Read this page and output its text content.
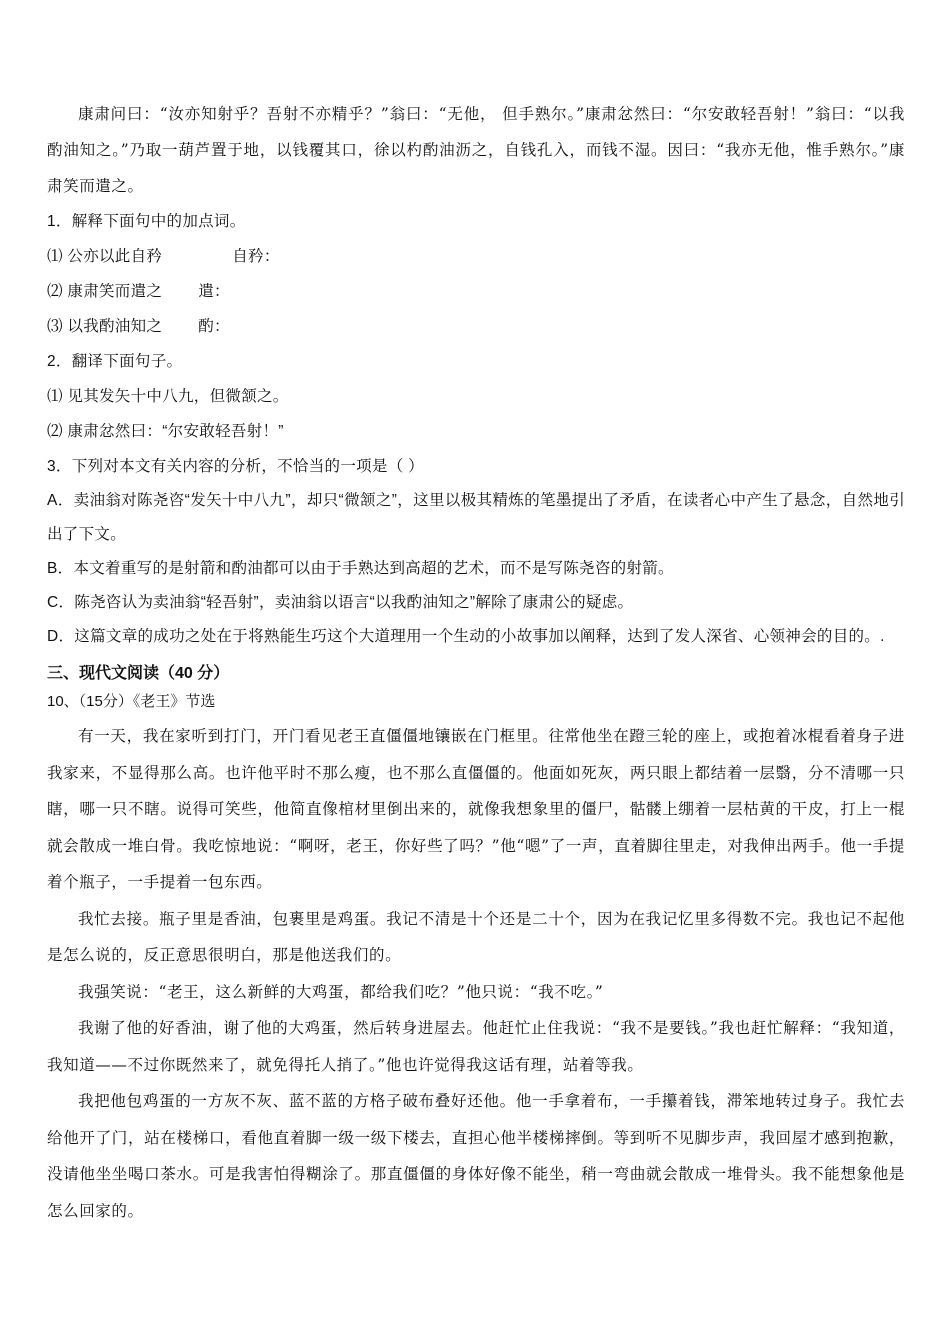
康肃问曰：“汝亦知射乎？吾射不亦精乎？”翁曰：“无他， 但手熟尔。”康肃忿然曰：“尔安敢轻吾射！”翁曰：“以我酌油知之。”乃取一葫芦置于地，以钱覆其口，徐以杓酌油沥之，自钱孔入，而钱不湿。因曰：“我亦无他，惟手熟尔。”康肃笑而遣之。

1．解释下面句中的加点词。

⑴ 公亦以此自矜	自矜：

⑵ 康肃笑而遣之 遣：

⑶ 以我酌油知之 酌：

2．翻译下面句子。

⑴ 见其发矢十中八九，但微颔之。

⑵ 康肃忿然曰：“尔安敢轻吾射！”

3．下列对本文有关内容的分析，不恰当的一项是（ ）

A．卖油翁对陈尧咨“发矢十中八九”，却只“微颔之”，这里以极其精炼的笔墨提出了矛盾，在读者心中产生了悬念，自然地引出了下文。

B．本文着重写的是射箭和酌油都可以由于手熟达到高超的艺术，而不是写陈尧咨的射箭。

C．陈尧咨认为卖油翁“轻吾射”，卖油翁以语言“以我酌油知之”解除了康肃公的疑虑。

D．这篇文章的成功之处在于将熟能生巧这个大道理用一个生动的小故事加以阐释，达到了发人深省、心领神会的目的。.

三、现代文阅读（40 分）

10、（15分）《老王》节选

有一天，我在家听到打门，开门看见老王直僵僵地镶嵌在门框里。往常他坐在蹬三轮的座上，或抱着冰棍看着身子进我家来，不显得那么高。也许他平时不那么瘦，也不那么直僵僵的。他面如死灰，两只眼上都结着一层翳，分不清哪一只瞎，哪一只不瞎。说得可笑些，他简直像棺材里倒出来的，就像我想象里的僵尸，骷髅上绷着一层枯黄的干皮，打上一棍就会散成一堆白骨。我吃惊地说：“啊呀，老王，你好些了吗？”他“嗯”了一声，直着脚往里走，对我伸出两手。他一手提着个瓶子，一手提着一包东西。

我忙去接。瓶子里是香油，包裹里是鸡蛋。我记不清是十个还是二十个，因为在我记忆里多得数不完。我也记不起他是怎么说的，反正意思很明白，那是他送我们的。

我强笑说：“老王，这么新鲜的大鸡蛋，都给我们吃？”他只说：“我不吃。”

我谢了他的好香油，谢了他的大鸡蛋，然后转身进屋去。他赶忙止住我说：“我不是要钱。”我也赶忙解释：“我知道，我知道——不过你既然来了，就免得托人捎了。”他也许觉得我这话有理，站着等我。

我把他包鸡蛋的一方灰不灰、蓝不蓝的方格子破布叠好还他。他一手拿着布，一手攥着钱，滞笨地转过身子。我忙去给他开了门，站在楼梯口，看他直着脚一级一级下楼去，直担心他半楼梯摔倒。等到听不见脚步声，我回屋才感到抱歉，没请他坐坐喝口茶水。可是我害怕得糊涂了。那直僵僵的身体好像不能坐，稍一弯曲就会散成一堆骨头。我不能想象他是怎么回家的。
